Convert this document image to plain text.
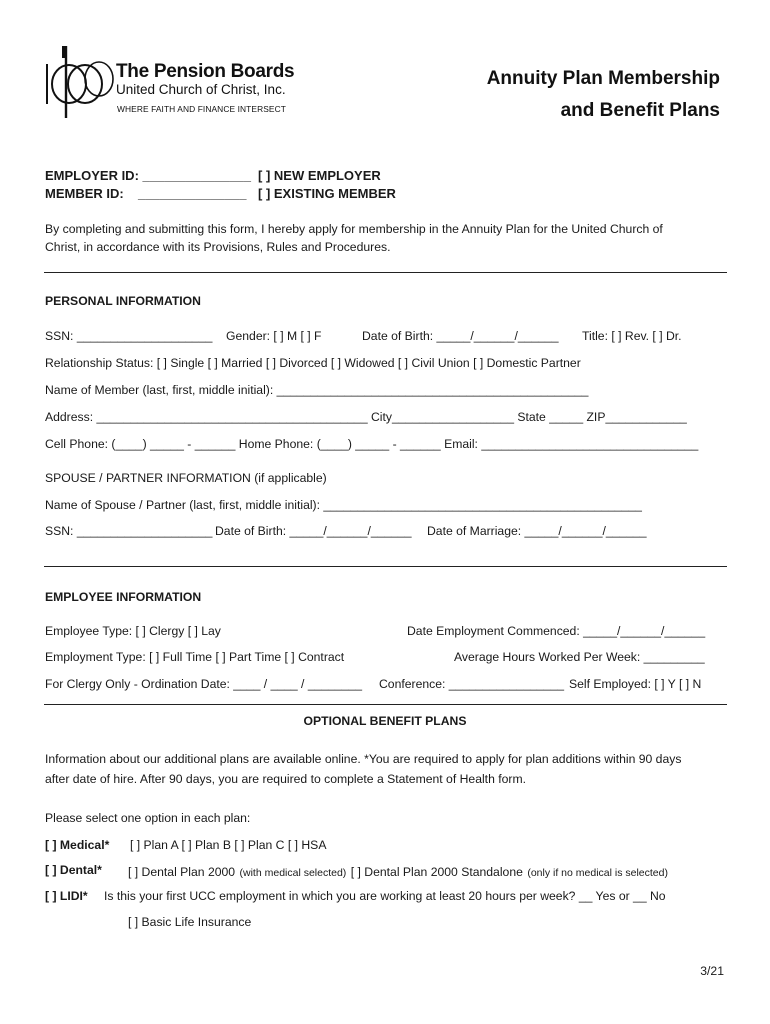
The Pension Boards
United Church of Christ, Inc.
WHERE FAITH AND FINANCE INTERSECT
Annuity Plan Membership
and Benefit Plans
EMPLOYER ID: _______________
MEMBER ID: _______________
[ ] NEW EMPLOYER
[ ] EXISTING MEMBER
By completing and submitting this form, I hereby apply for membership in the Annuity Plan for the United Church of
Christ, in accordance with its Provisions, Rules and Procedures.
PERSONAL INFORMATION
SSN: ____________________ Gender: [ ] M [ ] F	Date of Birth: _____/______/______ Title: [ ] Rev. [ ] Dr.
Relationship Status: [ ] Single [ ] Married [ ] Divorced [ ] Widowed [ ] Civil Union [ ] Domestic Partner
Name of Member (last, first, middle initial): ______________________________________________
Address: ________________________________________ City__________________ State _____ ZIP____________
Cell Phone: (____) _____ - ______ Home Phone: (____) _____ - ______ Email: ________________________________
SPOUSE / PARTNER INFORMATION (if applicable)
Name of Spouse / Partner (last, first, middle initial): _______________________________________________
SSN: ____________________ Date of Birth: _____/______/______ Date of Marriage: _____/______/______
EMPLOYEE INFORMATION
Employee Type: [ ] Clergy [ ] Lay	Date Employment Commenced: _____/______/______
Employment Type: [ ] Full Time [ ] Part Time [ ] Contract	Average Hours Worked Per Week: _________
For Clergy Only - Ordination Date: ____ / ____ / ________ Conference: _________________ Self Employed: [ ] Y [ ] N
OPTIONAL BENEFIT PLANS
Information about our additional plans are available online. *You are required to apply for plan additions within 90 days
after date of hire. After 90 days, you are required to complete a Statement of Health form.
Please select one option in each plan:
[ ] Medical* [ ] Plan A [ ] Plan B [ ] Plan C [ ] HSA
[ ] Dental* [ ] Dental Plan 2000 (with medical selected) [ ] Dental Plan 2000 Standalone (only if no medical is selected)
[ ] LIDI* Is this your first UCC employment in which you are working at least 20 hours per week? __ Yes or __ No
[ ] Basic Life Insurance
3/21
